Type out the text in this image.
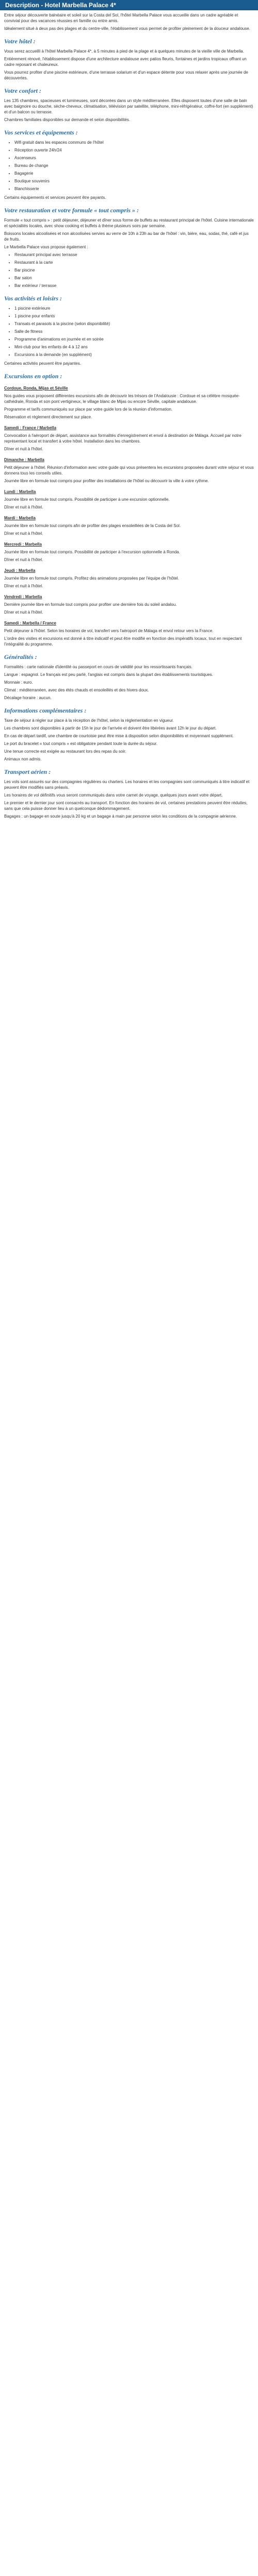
Description - Hotel Marbella Palace 4*

Entre séjour découverte balnéaire et soleil sur la Costa del Sol, l'hôtel Marbella Palace vous accueille dans un cadre agréable et convivial pour des vacances réussies en famille ou entre amis.

Idéalement situé à deux pas des plages et du centre-ville, l'établissement vous permet de profiter pleinement de la douceur andalouse.

Votre hôtel :

Vous serez accueilli à l'hôtel Marbella Palace 4*, à 5 minutes à pied de la plage et à quelques minutes de la vieille ville de Marbella.

Entièrement rénové, l'établissement dispose d'une architecture andalouse avec patios fleuris, fontaines et jardins tropicaux offrant un cadre reposant et chaleureux.

Vous pourrez profiter d'une piscine extérieure, d'une terrasse solarium et d'un espace détente pour vous relaxer après une journée de découvertes.

Votre confort :

Les 135 chambres, spacieuses et lumineuses, sont décorées dans un style méditerranéen. Elles disposent toutes d'une salle de bain avec baignoire ou douche, sèche-cheveux, climatisation, télévision par satellite, téléphone, mini-réfrigérateur, coffre-fort (en supplément) et d'un balcon ou terrasse.

Chambres familiales disponibles sur demande et selon disponibilités.

Vos services et équipements :
• Wifi gratuit dans les espaces communs de l'hôtel
• Réception ouverte 24h/24
• Ascenseurs
• Bureau de change
• Bagagerie
• Boutique souvenirs
• Blanchisserie

Certains équipements et services peuvent être payants.

Votre restauration et votre formule « tout compris » :

Formule « tout compris » : petit déjeuner, déjeuner et dîner sous forme de buffets au restaurant principal de l'hôtel. Cuisine internationale et spécialités locales, avec show cooking et buffets à thème plusieurs soirs par semaine.

Boissons locales alcoolisées et non alcoolisées servies au verre de 10h à 23h au bar de l'hôtel : vin, bière, eau, sodas, thé, café et jus de fruits.

Le Marbella Palace vous propose également :

• Restaurant principal avec terrasse
• Restaurant à la carte
• Bar piscine
• Bar salon
• Bar extérieur / terrasse
Vos activités et loisirs :
• 1 piscine extérieure
• 1 piscine pour enfants
• Transats et parasols à la piscine (selon disponibilité)
• Salle de fitness
• Programme d'animations en journée et en soirée
• Mini-club pour les enfants de 4 à 12 ans
• Excursions à la demande (en supplément)

Certaines activités peuvent être payantes.

Excursions en option :
Cordoue, Ronda, Mijas et Séville

Nos guides vous proposent différentes excursions afin de découvrir les trésors de l'Andalousie : Cordoue et sa célèbre mosquée-cathédrale, Ronda et son pont vertigineux, le village blanc de Mijas ou encore Séville, capitale andalouse.

Programme et tarifs communiqués sur place par votre guide lors de la réunion d'information.

Réservation et règlement directement sur place.

Samedi : France / Marbella

Convocation à l'aéroport de départ, assistance aux formalités d'enregistrement et envol à destination de Málaga. Accueil par notre représentant local et transfert à votre hôtel. Installation dans les chambres.

Dîner et nuit à l'hôtel.

Dimanche : Marbella

Petit déjeuner à l'hôtel. Réunion d'information avec votre guide qui vous présentera les excursions proposées durant votre séjour et vous donnera tous les conseils utiles.

Journée libre en formule tout compris pour profiter des installations de l'hôtel ou découvrir la ville à votre rythme.

Lundi : Marbella

Journée libre en formule tout compris. Possibilité de participer à une excursion optionnelle.

Dîner et nuit à l'hôtel.

Mardi : Marbella

Journée libre en formule tout compris afin de profiter des plages ensoleillées de la Costa del Sol.

Dîner et nuit à l'hôtel.

Mercredi : Marbella

Journée libre en formule tout compris. Possibilité de participer à l'excursion optionnelle à Ronda.

Dîner et nuit à l'hôtel.

Jeudi : Marbella

Journée libre en formule tout compris. Profitez des animations proposées par l'équipe de l'hôtel.

Dîner et nuit à l'hôtel.

Vendredi : Marbella

Dernière journée libre en formule tout compris pour profiter une dernière fois du soleil andalou.

Dîner et nuit à l'hôtel.

Samedi : Marbella / France

Petit déjeuner à l'hôtel. Selon les horaires de vol, transfert vers l'aéroport de Málaga et envol retour vers la France.

L'ordre des visites et excursions est donné à titre indicatif et peut être modifié en fonction des impératifs locaux, tout en respectant l'intégralité du programme.

Généralités :

Formalités : carte nationale d'identité ou passeport en cours de validité pour les ressortissants français.

Langue : espagnol. Le français est peu parlé, l'anglais est compris dans la plupart des établissements touristiques.

Monnaie : euro.

Climat : méditerranéen, avec des étés chauds et ensoleillés et des hivers doux.

Décalage horaire : aucun.

Informations complémentaires :

Taxe de séjour à régler sur place à la réception de l'hôtel, selon la réglementation en vigueur.

Les chambres sont disponibles à partir de 15h le jour de l'arrivée et doivent être libérées avant 12h le jour du départ.

En cas de départ tardif, une chambre de courtoisie peut être mise à disposition selon disponibilités et moyennant supplément.

Le port du bracelet « tout compris » est obligatoire pendant toute la durée du séjour.

Une tenue correcte est exigée au restaurant lors des repas du soir.

Animaux non admis.

Transport aérien :

Les vols sont assurés sur des compagnies régulières ou charters. Les horaires et les compagnies sont communiqués à titre indicatif et peuvent être modifiés sans préavis.

Les horaires de vol définitifs vous seront communiqués dans votre carnet de voyage, quelques jours avant votre départ.

Le premier et le dernier jour sont consacrés au transport. En fonction des horaires de vol, certaines prestations peuvent être réduites, sans que cela puisse donner lieu à un quelconque dédommagement.

Bagages : un bagage en soute jusqu'à 20 kg et un bagage à main par personne selon les conditions de la compagnie aérienne.
